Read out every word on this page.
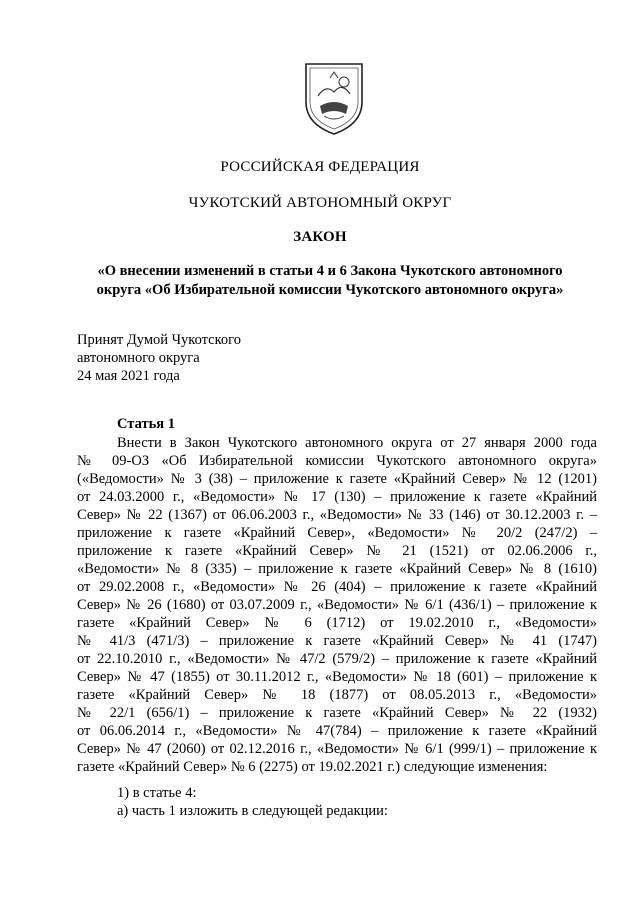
РОССИЙСКАЯ ФЕДЕРАЦИЯ
ЧУКОТСКИЙ АВТОНОМНЫЙ ОКРУГ
ЗАКОН
«О внесении изменений в статьи 4 и 6 Закона Чукотского автономного
округа «Об Избирательной комиссии Чукотского автономного округа»
Принят Думой Чукотского
автономного округа
24 мая 2021 года
Статья 1
Внести в Закон Чукотского автономного округа от 27 января 2000 года
№ 09-ОЗ «Об Избирательной комиссии Чукотского автономного округа»
(«Ведомости» № 3 (38) – приложение к газете «Крайний Север» № 12 (1201)
от 24.03.2000 г., «Ведомости» № 17 (130) – приложение к газете «Крайний
Север» № 22 (1367) от 06.06.2003 г., «Ведомости» № 33 (146) от 30.12.2003 г. –
приложение к газете «Крайний Север», «Ведомости» № 20/2 (247/2) –
приложение к газете «Крайний Север» № 21 (1521) от 02.06.2006 г.,
«Ведомости» № 8 (335) – приложение к газете «Крайний Север» № 8 (1610)
от 29.02.2008 г., «Ведомости» № 26 (404) – приложение к газете «Крайний
Север» № 26 (1680) от 03.07.2009 г., «Ведомости» № 6/1 (436/1) – приложение к
газете «Крайний Север» № 6 (1712) от 19.02.2010 г., «Ведомости»
№ 41/3 (471/3) – приложение к газете «Крайний Север» № 41 (1747)
от 22.10.2010 г., «Ведомости» № 47/2 (579/2) – приложение к газете «Крайний
Север» № 47 (1855) от 30.11.2012 г., «Ведомости» № 18 (601) – приложение к
газете «Крайний Север» № 18 (1877) от 08.05.2013 г., «Ведомости»
№ 22/1 (656/1) – приложение к газете «Крайний Север» № 22 (1932)
от 06.06.2014 г., «Ведомости» № 47(784) – приложение к газете «Крайний
Север» № 47 (2060) от 02.12.2016 г., «Ведомости» № 6/1 (999/1) – приложение к
газете «Крайний Север» № 6 (2275) от 19.02.2021 г.) следующие изменения:
1) в статье 4:
а) часть 1 изложить в следующей редакции:
